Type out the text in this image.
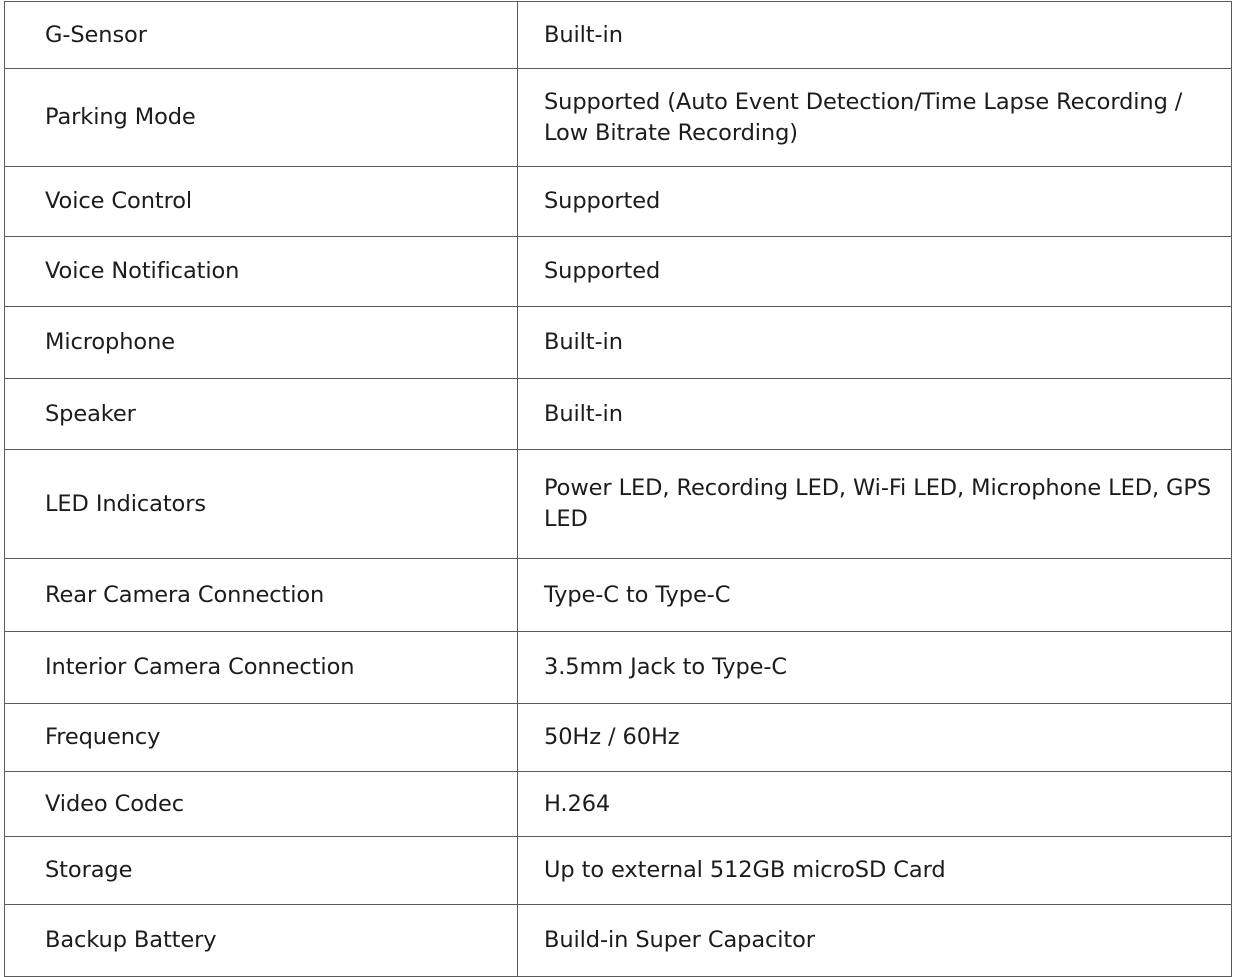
G-Sensor	Built-in
Parking Mode	Supported (Auto Event Detection/Time Lapse Recording / Low Bitrate Recording)
Voice Control	Supported
Voice Notification	Supported
Microphone	Built-in
Speaker	Built-in
LED Indicators	Power LED, Recording LED, Wi-Fi LED, Microphone LED, GPS LED
Rear Camera Connection	Type-C to Type-C
Interior Camera Connection	3.5mm Jack to Type-C
Frequency	50Hz / 60Hz
Video Codec	H.264
Storage	Up to external 512GB microSD Card
Backup Battery	Build-in Super Capacitor
